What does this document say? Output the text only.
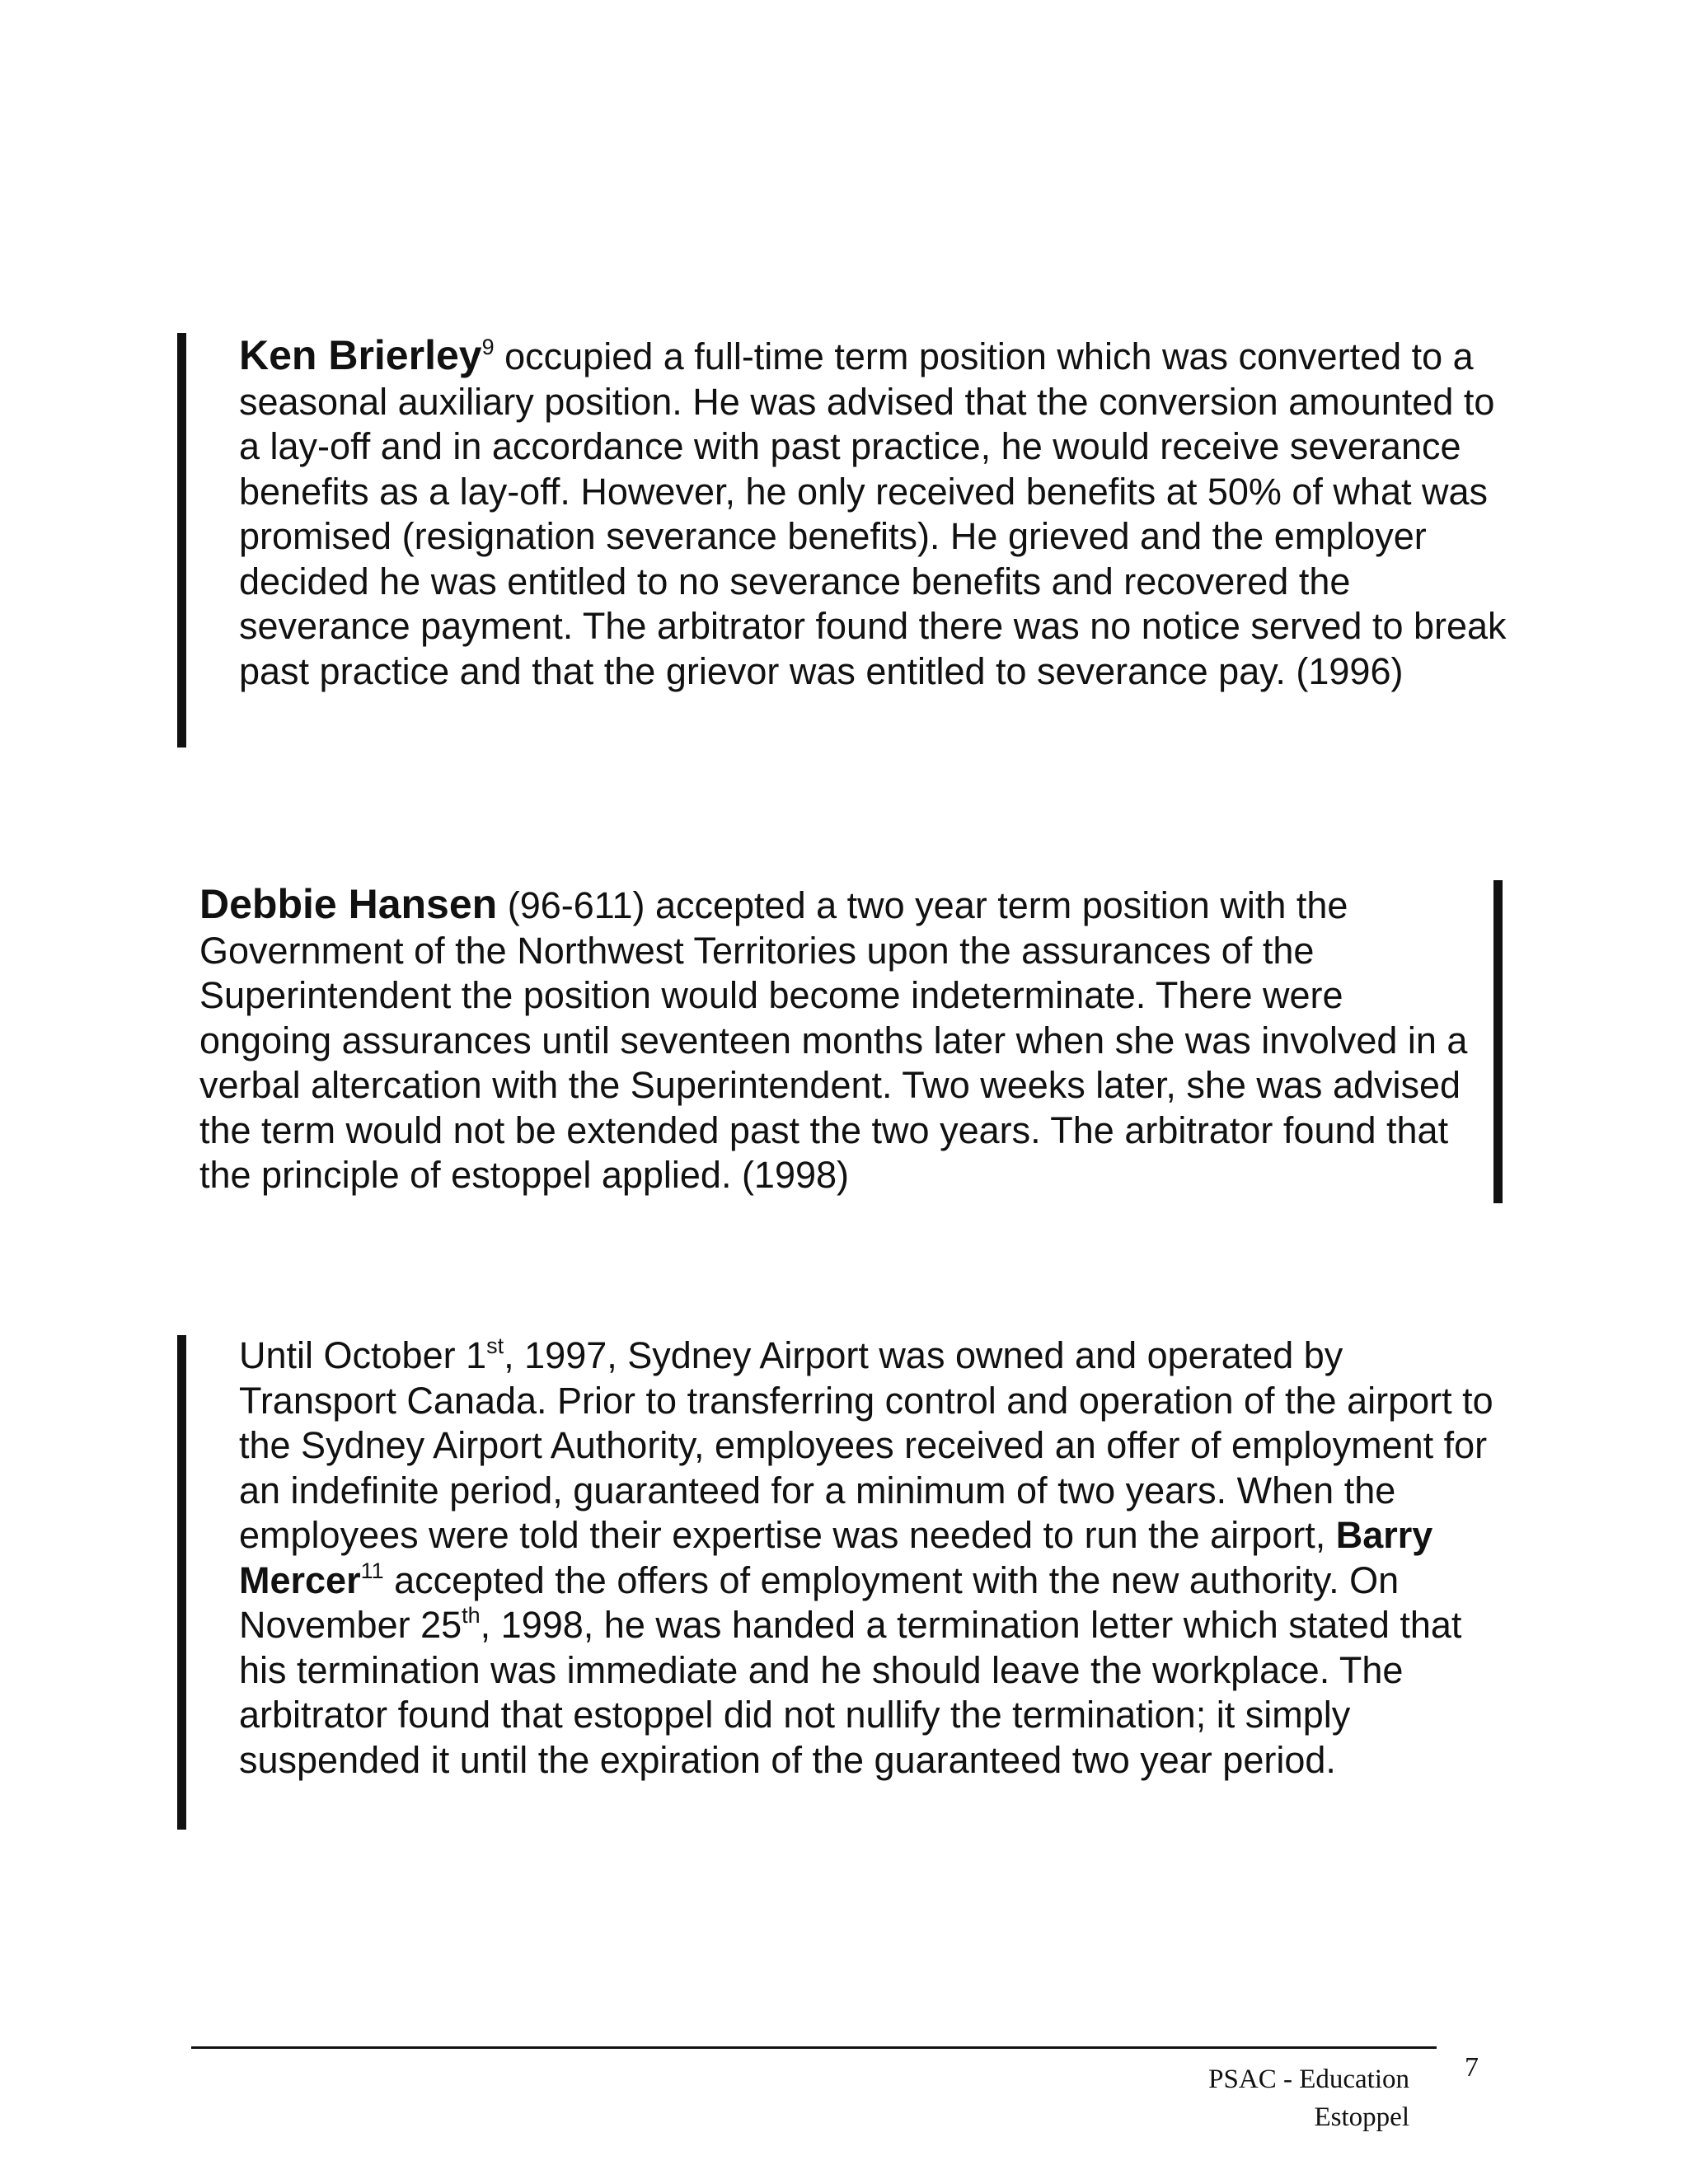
Ken Brierley$^9$ occupied a full-time term position which was converted to a seasonal auxiliary position. He was advised that the conversion amounted to a lay-off and in accordance with past practice, he would receive severance benefits as a lay-off. However, he only received benefits at 50% of what was promised (resignation severance benefits). He grieved and the employer decided he was entitled to no severance benefits and recovered the severance payment. The arbitrator found there was no notice served to break past practice and that the grievor was entitled to severance pay. (1996)

Debbie Hansen (96-611) accepted a two year term position with the Government of the Northwest Territories upon the assurances of the Superintendent the position would become indeterminate. There were ongoing assurances until seventeen months later when she was involved in a verbal altercation with the Superintendent. Two weeks later, she was advised the term would not be extended past the two years. The arbitrator found that the principle of estoppel applied. (1998)

Until October 1st, 1997, Sydney Airport was owned and operated by Transport Canada. Prior to transferring control and operation of the airport to the Sydney Airport Authority, employees received an offer of employment for an indefinite period, guaranteed for a minimum of two years. When the employees were told their expertise was needed to run the airport, Barry Mercer$^{11}$ accepted the offers of employment with the new authority. On November 25th, 1998, he was handed a termination letter which stated that his termination was immediate and he should leave the workplace. The arbitrator found that estoppel did not nullify the termination; it simply suspended it until the expiration of the guaranteed two year period.

PSAC - Education
Estoppel
7
